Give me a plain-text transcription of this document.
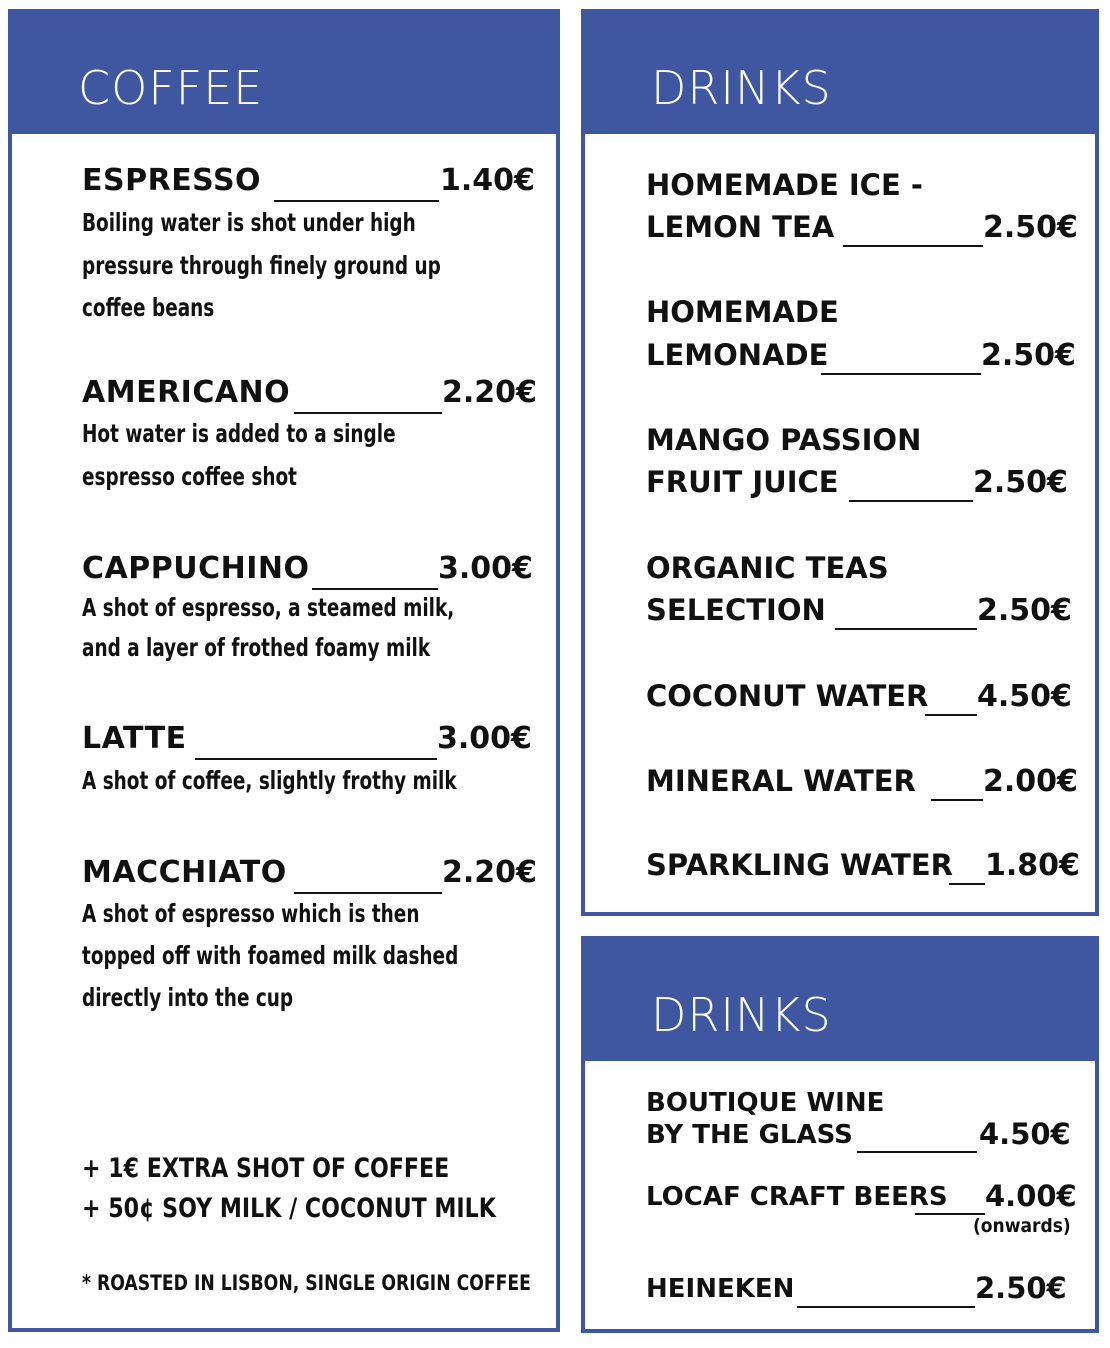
COFFEE
ESPRESSO	1.40€
Boiling water is shot under high
pressure through finely ground up
coffee beans
AMERICANO	2.20€
Hot water is added to a single
espresso coffee shot
CAPPUCHINO	3.00€
A shot of espresso, a steamed milk,
and a layer of frothed foamy milk
LATTE	3.00€
A shot of coffee, slightly frothy milk
MACCHIATO	2.20€
A shot of espresso which is then
topped off with foamed milk dashed
directly into the cup
+ 1€ EXTRA SHOT OF COFFEE
+ 50¢ SOY MILK / COCONUT MILK
* ROASTED IN LISBON, SINGLE ORIGIN COFFEE
DRINKS
HOMEMADE ICE -
LEMON TEA	2.50€
HOMEMADE
LEMONADE	2.50€
MANGO PASSION
FRUIT JUICE	2.50€
ORGANIC TEAS
SELECTION	2.50€
COCONUT WATER 4.50€
MINERAL WATER 2.00€
SPARKLING WATER 1.80€
DRINKS
BOUTIQUE WINE
BY THE GLASS	4.50€
LOCAF CRAFT BEERS 4.00€
(onwards)
HEINEKEN	2.50€
